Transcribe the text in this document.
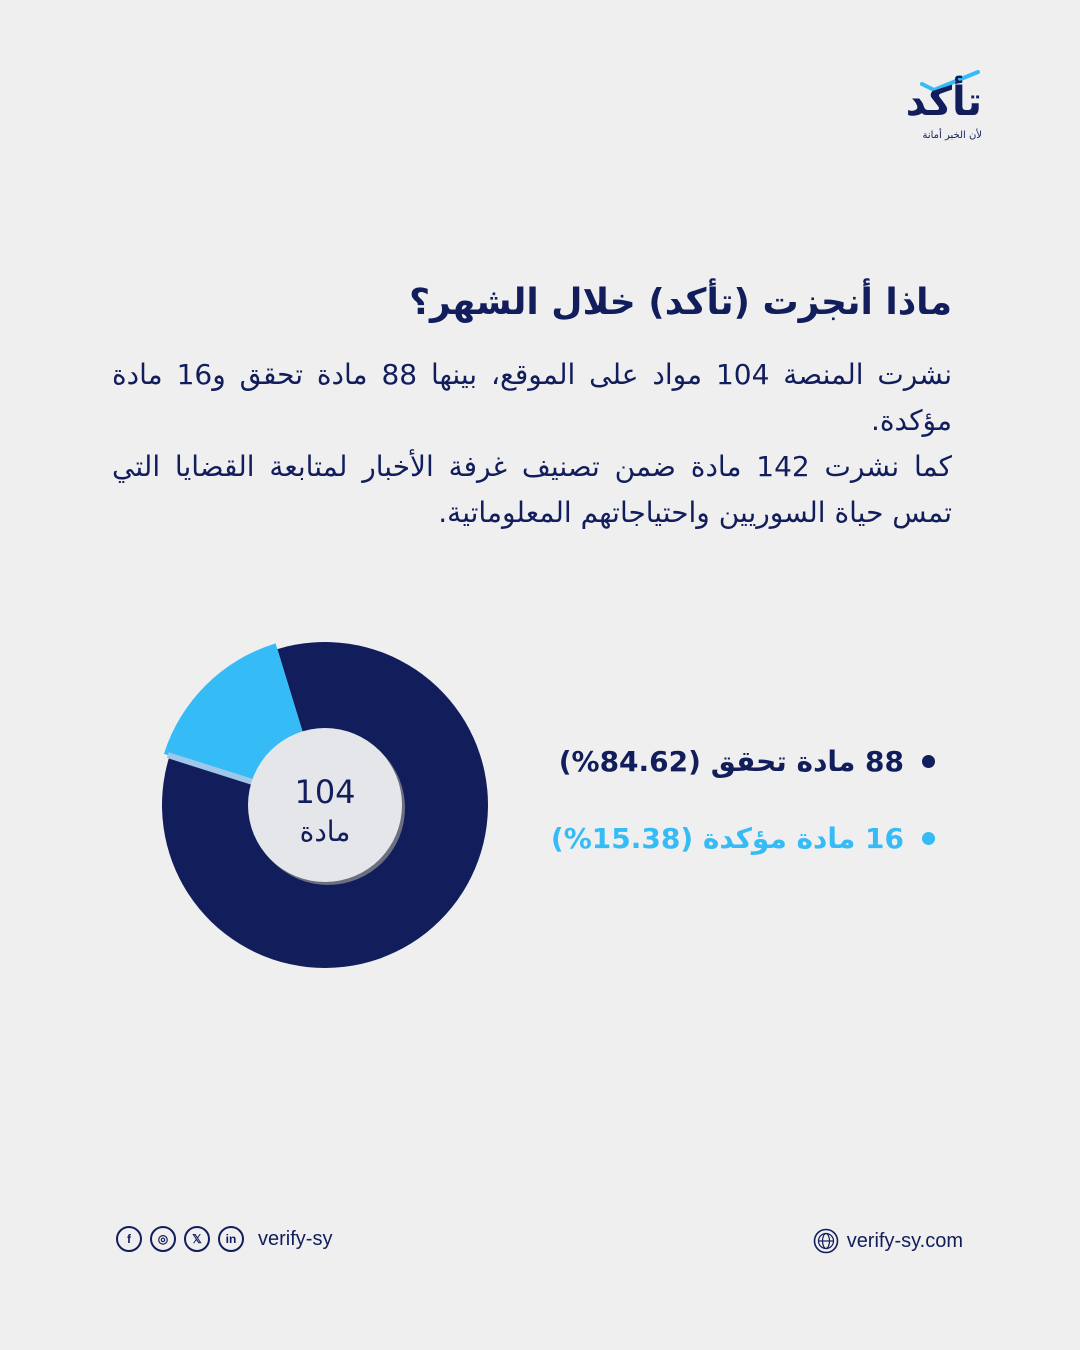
تأكد
لأن الخبر أمانة
ماذا أنجزت (تأكد) خلال الشهر؟

نشرت المنصة 104 مواد على الموقع، بينها 88 مادة تحقق و16 مادة مؤكدة.

كما نشرت 142 مادة ضمن تصنيف غرفة الأخبار لمتابعة القضايا التي تمس حياة السوريين واحتياجاتهم المعلوماتية.

104
مادة
88 مادة تحقق (84.62%)
16 مادة مؤكدة (15.38%)
f	◎	𝕏	in	verify-sy	verify-sy.com
